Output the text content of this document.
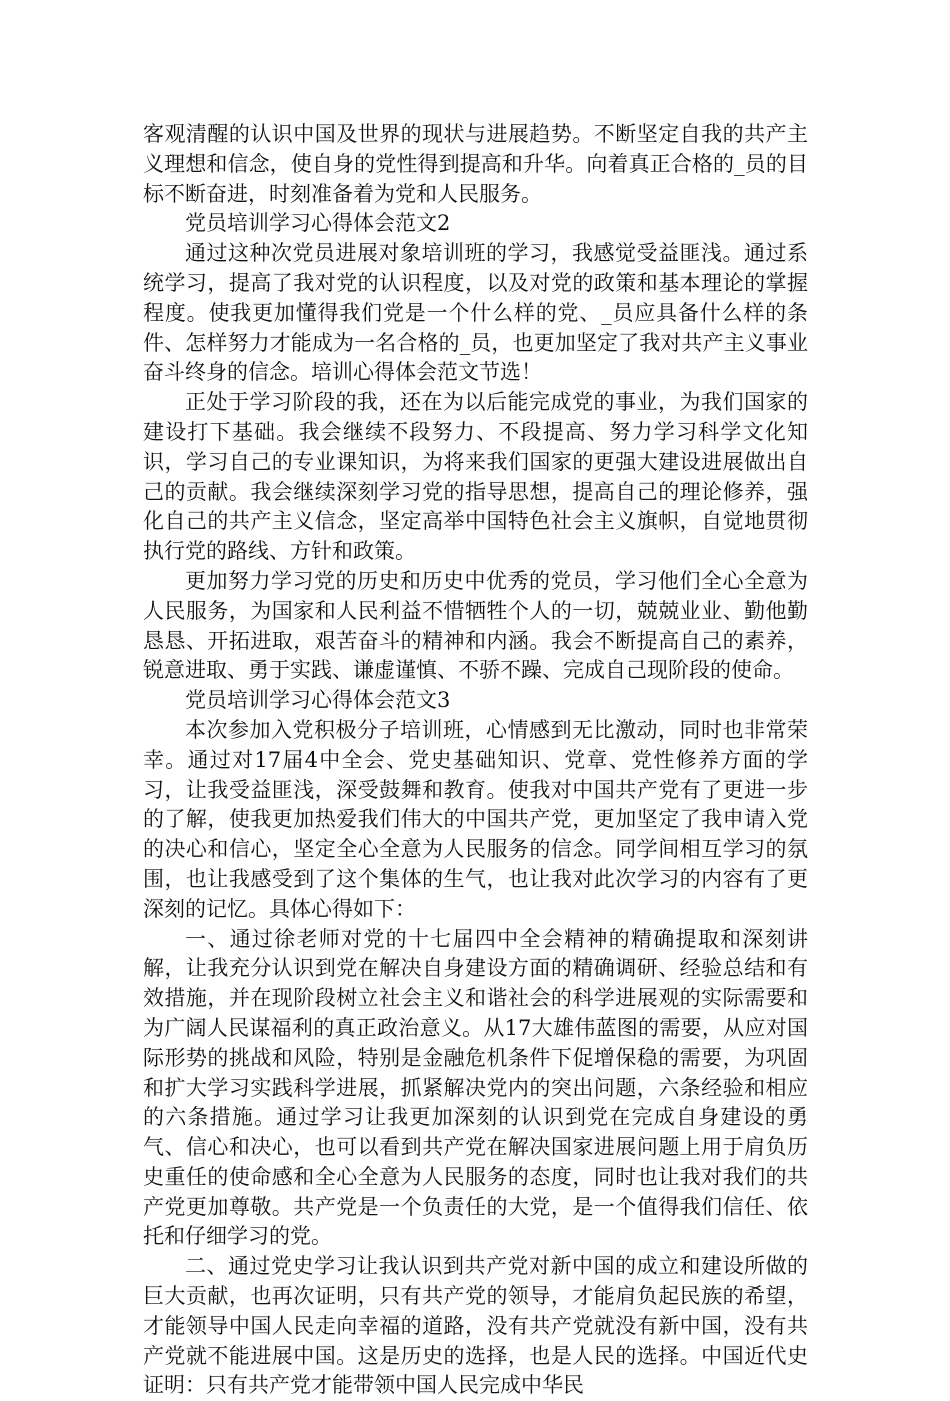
客观清醒的认识中国及世界的现状与进展趋势。不断坚定自我的共产主义理想和信念，使自身的党性得到提高和升华。向着真正合格的_员的目标不断奋进，时刻准备着为党和人民服务。

党员培训学习心得体会范文2

通过这种次党员进展对象培训班的学习，我感觉受益匪浅。通过系统学习，提高了我对党的认识程度，以及对党的政策和基本理论的掌握程度。使我更加懂得我们党是一个什么样的党、_员应具备什么样的条件、怎样努力才能成为一名合格的_员，也更加坚定了我对共产主义事业奋斗终身的信念。培训心得体会范文节选！

正处于学习阶段的我，还在为以后能完成党的事业，为我们国家的建设打下基础。我会继续不段努力、不段提高、努力学习科学文化知识，学习自己的专业课知识，为将来我们国家的更强大建设进展做出自己的贡献。我会继续深刻学习党的指导思想，提高自己的理论修养，强化自己的共产主义信念，坚定高举中国特色社会主义旗帜，自觉地贯彻执行党的路线、方针和政策。

更加努力学习党的历史和历史中优秀的党员，学习他们全心全意为人民服务，为国家和人民利益不惜牺牲个人的一切，兢兢业业、勤他勤恳恳、开拓进取，艰苦奋斗的精神和内涵。我会不断提高自己的素养，锐意进取、勇于实践、谦虚谨慎、不骄不躁、完成自己现阶段的使命。

党员培训学习心得体会范文3

本次参加入党积极分子培训班，心情感到无比激动，同时也非常荣幸。通过对17届4中全会、党史基础知识、党章、党性修养方面的学习，让我受益匪浅，深受鼓舞和教育。使我对中国共产党有了更进一步的了解，使我更加热爱我们伟大的中国共产党，更加坚定了我申请入党的决心和信心，坚定全心全意为人民服务的信念。同学间相互学习的氛围，也让我感受到了这个集体的生气，也让我对此次学习的内容有了更深刻的记忆。具体心得如下：

一、通过徐老师对党的十七届四中全会精神的精确提取和深刻讲解，让我充分认识到党在解决自身建设方面的精确调研、经验总结和有效措施，并在现阶段树立社会主义和谐社会的科学进展观的实际需要和为广阔人民谋福利的真正政治意义。从17大雄伟蓝图的需要，从应对国际形势的挑战和风险，特别是金融危机条件下促增保稳的需要，为巩固和扩大学习实践科学进展，抓紧解决党内的突出问题，六条经验和相应的六条措施。通过学习让我更加深刻的认识到党在完成自身建设的勇气、信心和决心，也可以看到共产党在解决国家进展问题上用于肩负历史重任的使命感和全心全意为人民服务的态度，同时也让我对我们的共产党更加尊敬。共产党是一个负责任的大党，是一个值得我们信任、依托和仔细学习的党。

二、通过党史学习让我认识到共产党对新中国的成立和建设所做的巨大贡献，也再次证明，只有共产党的领导，才能肩负起民族的希望，才能领导中国人民走向幸福的道路，没有共产党就没有新中国，没有共产党就不能进展中国。这是历史的选择，也是人民的选择。中国近代史证明：只有共产党才能带领中国人民完成中华民
